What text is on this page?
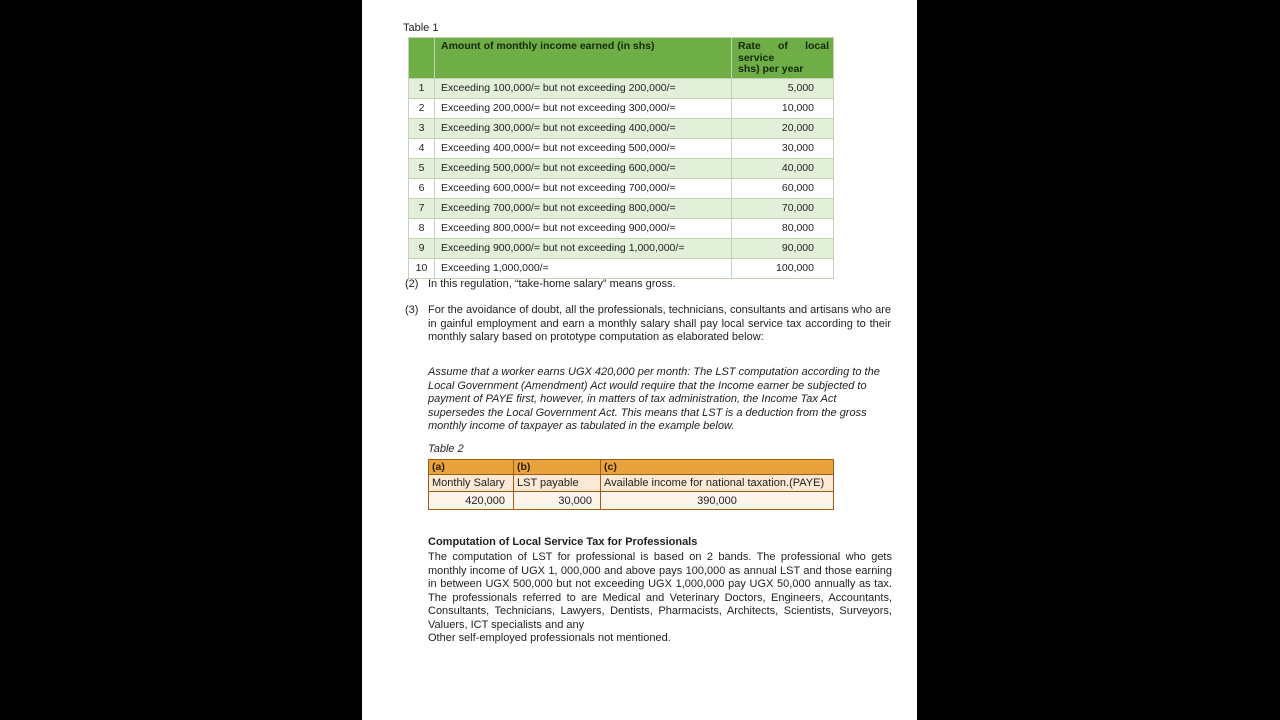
Table 1
	Amount of monthly income earned (in shs)	Rate of local service
shs) per year
1	Exceeding 100,000/= but not exceeding 200,000/=	5,000
2	Exceeding 200,000/= but not exceeding 300,000/=	10,000
3	Exceeding 300,000/= but not exceeding 400,000/=	20,000
4	Exceeding 400,000/= but not exceeding 500,000/=	30,000
5	Exceeding 500,000/= but not exceeding 600,000/=	40,000
6	Exceeding 600,000/= but not exceeding 700,000/=	60,000
7	Exceeding 700,000/= but not exceeding 800,000/=	70,000
8	Exceeding 800,000/= but not exceeding 900,000/=	80,000
9	Exceeding 900,000/= but not exceeding 1,000,000/=	90,000
10	Exceeding 1,000,000/=	100,000
(2) In this regulation, “take-home salary” means gross.
(3) For the avoidance of doubt, all the professionals, technicians, consultants and artisans who are in gainful employment and earn a monthly salary shall pay local service tax according to their monthly salary based on prototype computation as elaborated below:
Assume that a worker earns UGX 420,000 per month: The LST computation according to the Local Government (Amendment) Act would require that the Income earner be subjected to payment of PAYE first, however, in matters of tax administration, the Income Tax Act supersedes the Local Government Act. This means that LST is a deduction from the gross monthly income of taxpayer as tabulated in the example below.
Table 2
(a)	(b)	(c)
Monthly Salary	LST payable	Available income for national taxation.(PAYE)
420,000	30,000	390,000
Computation of Local Service Tax for Professionals
The computation of LST for professional is based on 2 bands. The professional who gets monthly income of UGX 1, 000,000 and above pays 100,000 as annual LST and those earning in between UGX 500,000 but not exceeding UGX 1,000,000 pay UGX 50,000 annually as tax. The professionals referred to are Medical and Veterinary Doctors, Engineers, Accountants, Consultants, Technicians, Lawyers, Dentists, Pharmacists, Architects, Scientists, Surveyors, Valuers, ICT specialists and any
Other self-employed professionals not mentioned.
